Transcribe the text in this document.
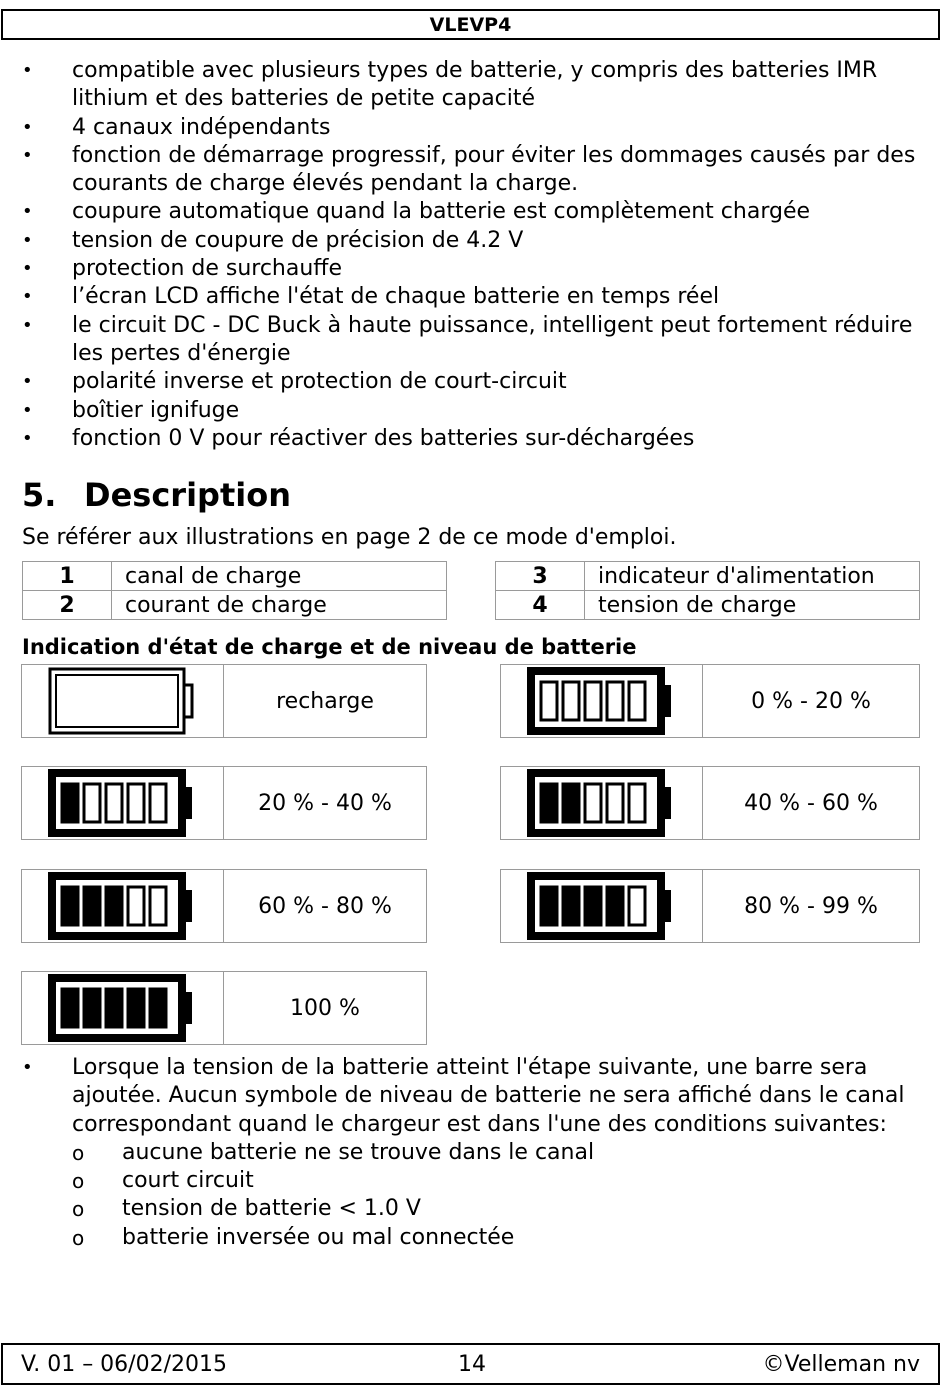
VLEVP4
• compatible avec plusieurs types de batterie, y compris des batteries IMR lithium et des batteries de petite capacité
• 4 canaux indépendants
• fonction de démarrage progressif, pour éviter les dommages causés par des courants de charge élevés pendant la charge.
• coupure automatique quand la batterie est complètement chargée
• tension de coupure de précision de 4.2 V
• protection de surchauffe
• l’écran LCD affiche l'état de chaque batterie en temps réel
• le circuit DC - DC Buck à haute puissance, intelligent peut fortement réduire les pertes d'énergie
• polarité inverse et protection de court-circuit
• boîtier ignifuge
• fonction 0 V pour réactiver des batteries sur-déchargées
5. Description
Se référer aux illustrations en page 2 de ce mode d'emploi.
1	canal de charge
2	courant de charge
3	indicateur d'alimentation
4	tension de charge
Indication d'état de charge et de niveau de batterie
recharge	0 % - 20 %
20 % - 40 %	40 % - 60 %
60 % - 80 %	80 % - 99 %
100 %
• Lorsque la tension de la batterie atteint l'étape suivante, une barre sera ajoutée. Aucun symbole de niveau de batterie ne sera affiché dans le canal correspondant quand le chargeur est dans l'une des conditions suivantes:
o aucune batterie ne se trouve dans le canal
o court circuit
o tension de batterie < 1.0 V
o batterie inversée ou mal connectée
V. 01 – 06/02/2015	14	©Velleman nv
